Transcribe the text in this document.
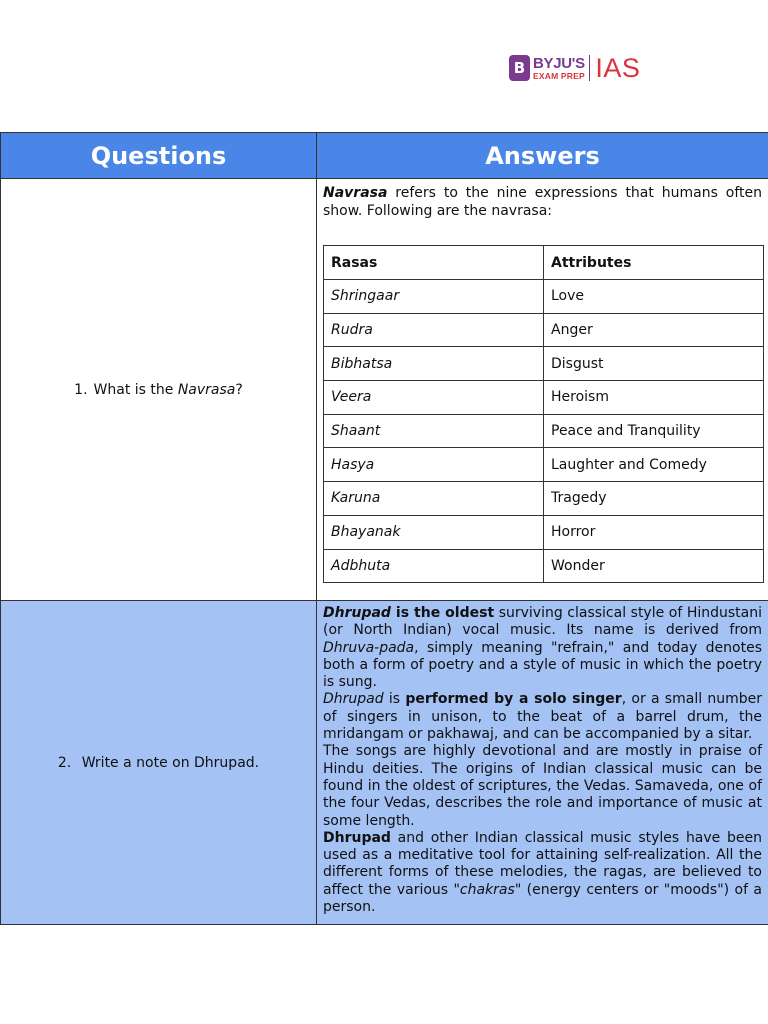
B BYJU'S
EXAM PREP IAS
Questions	Answers
1. What is the Navrasa?	

Navrasa refers to the nine expressions that humans often show. Following are the navrasa:

Rasas	Attributes
Shringaar	Love
Rudra	Anger
Bibhatsa	Disgust
Veera	Heroism
Shaant	Peace and Tranquility
Hasya	Laughter and Comedy
Karuna	Tragedy
Bhayanak	Horror
Adbhuta	Wonder

2. Write a note on Dhrupad.	

Dhrupad is the oldest surviving classical style of Hindustani (or North Indian) vocal music. Its name is derived from Dhruva-pada, simply meaning "refrain," and today denotes both a form of poetry and a style of music in which the poetry is sung.

Dhrupad is performed by a solo singer, or a small number of singers in unison, to the beat of a barrel drum, the mridangam or pakhawaj, and can be accompanied by a sitar.

The songs are highly devotional and are mostly in praise of Hindu deities. The origins of Indian classical music can be found in the oldest of scriptures, the Vedas. Samaveda, one of the four Vedas, describes the role and importance of music at some length.

Dhrupad and other Indian classical music styles have been used as a meditative tool for attaining self-realization. All the different forms of these melodies, the ragas, are believed to affect the various "chakras" (energy centers or "moods") of a person.
